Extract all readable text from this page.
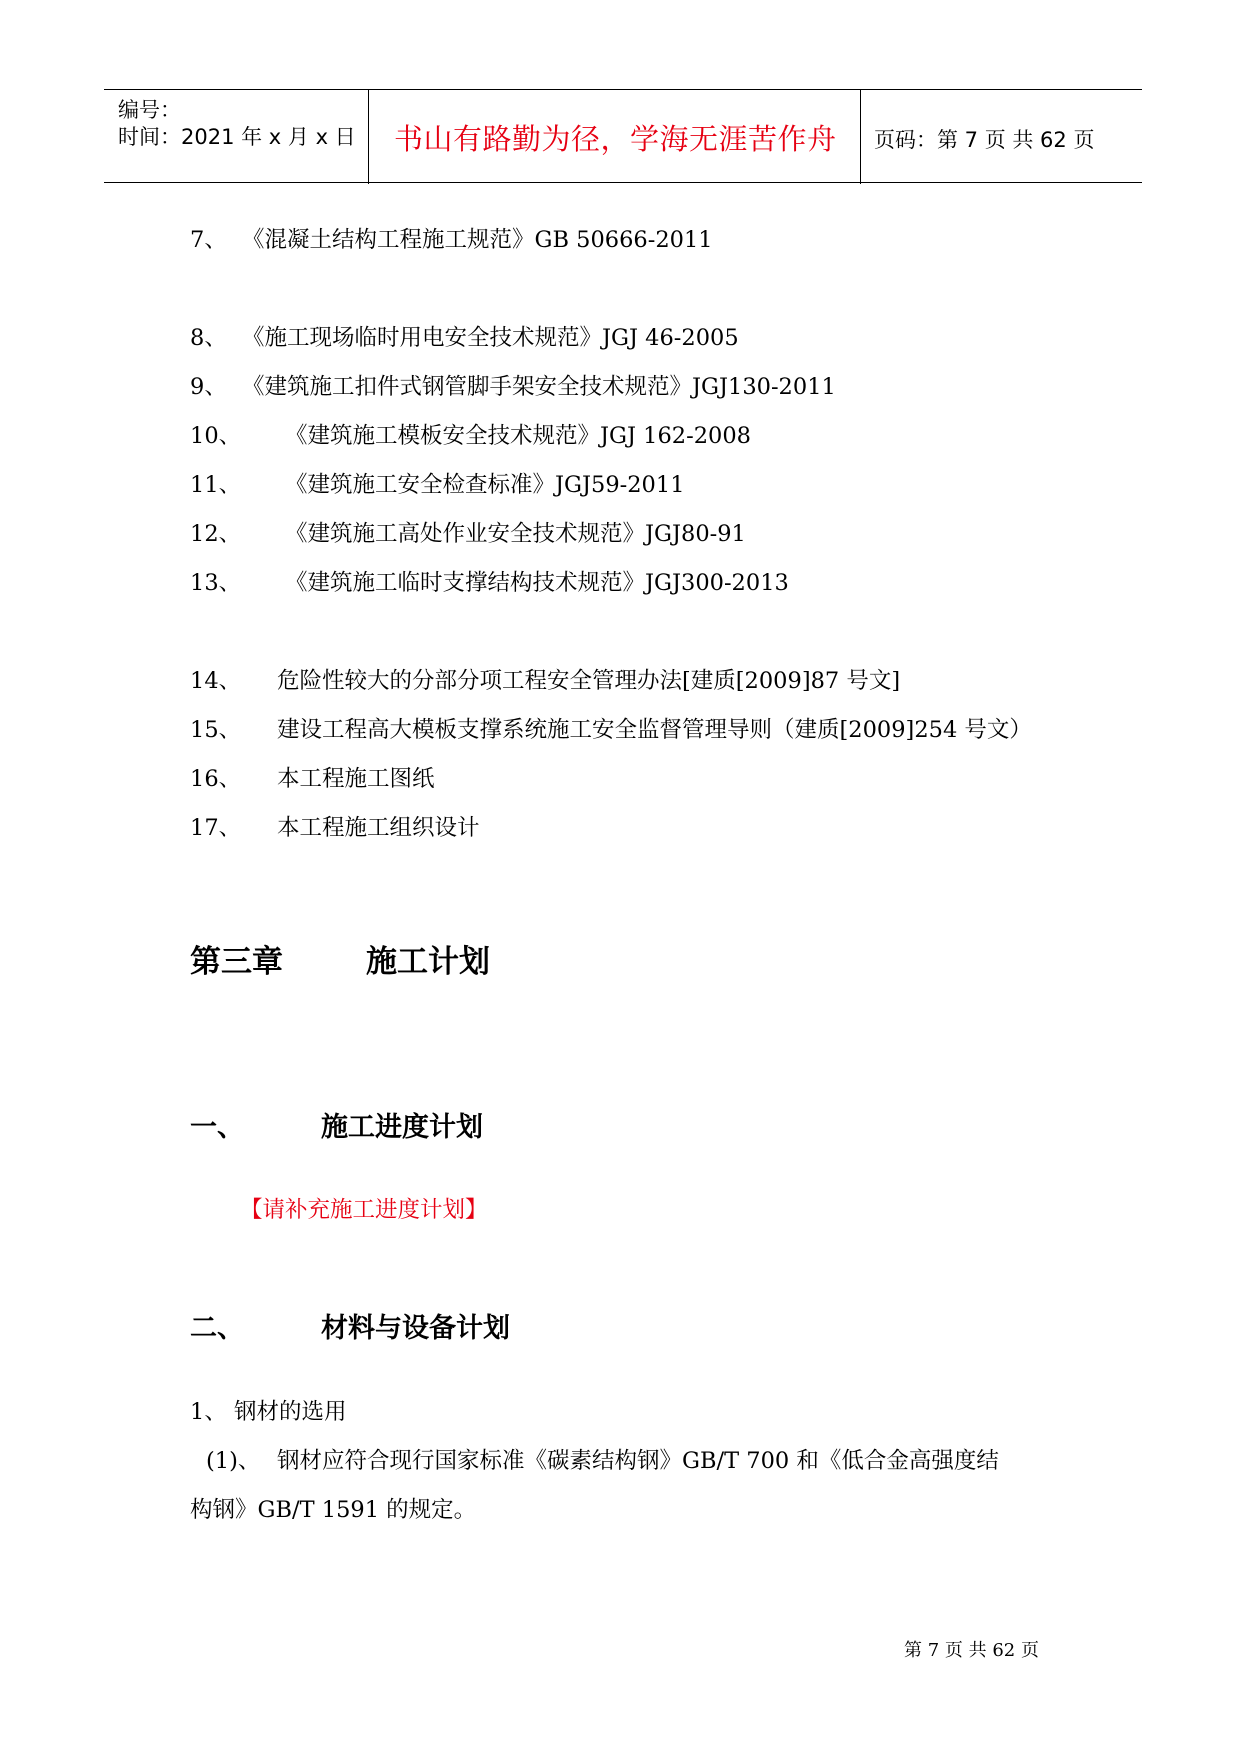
编号：
时间：2021 年 x 月 x 日 书山有路勤为径，学海无涯苦作舟 页码：第 7 页 共 62 页
7、 《混凝土结构工程施工规范》GB 50666-2011
8、 《施工现场临时用电安全技术规范》JGJ 46-2005
9、 《建筑施工扣件式钢管脚手架安全技术规范》JGJ130-2011
10、 《建筑施工模板安全技术规范》JGJ 162-2008
11、 《建筑施工安全检查标准》JGJ59-2011
12、 《建筑施工高处作业安全技术规范》JGJ80-91
13、 《建筑施工临时支撑结构技术规范》JGJ300-2013
14、 危险性较大的分部分项工程安全管理办法[建质[2009]87 号文]
15、 建设工程高大模板支撑系统施工安全监督管理导则（建质[2009]254 号文）
16、 本工程施工图纸
17、 本工程施工组织设计
第三章	施工计划
一、	施工进度计划
【请补充施工进度计划】
二、	材料与设备计划
1、 钢材的选用
(1)、 钢材应符合现行国家标准《碳素结构钢》GB/T 700 和《低合金高强度结
构钢》GB/T 1591 的规定。
第 7 页 共 62 页
